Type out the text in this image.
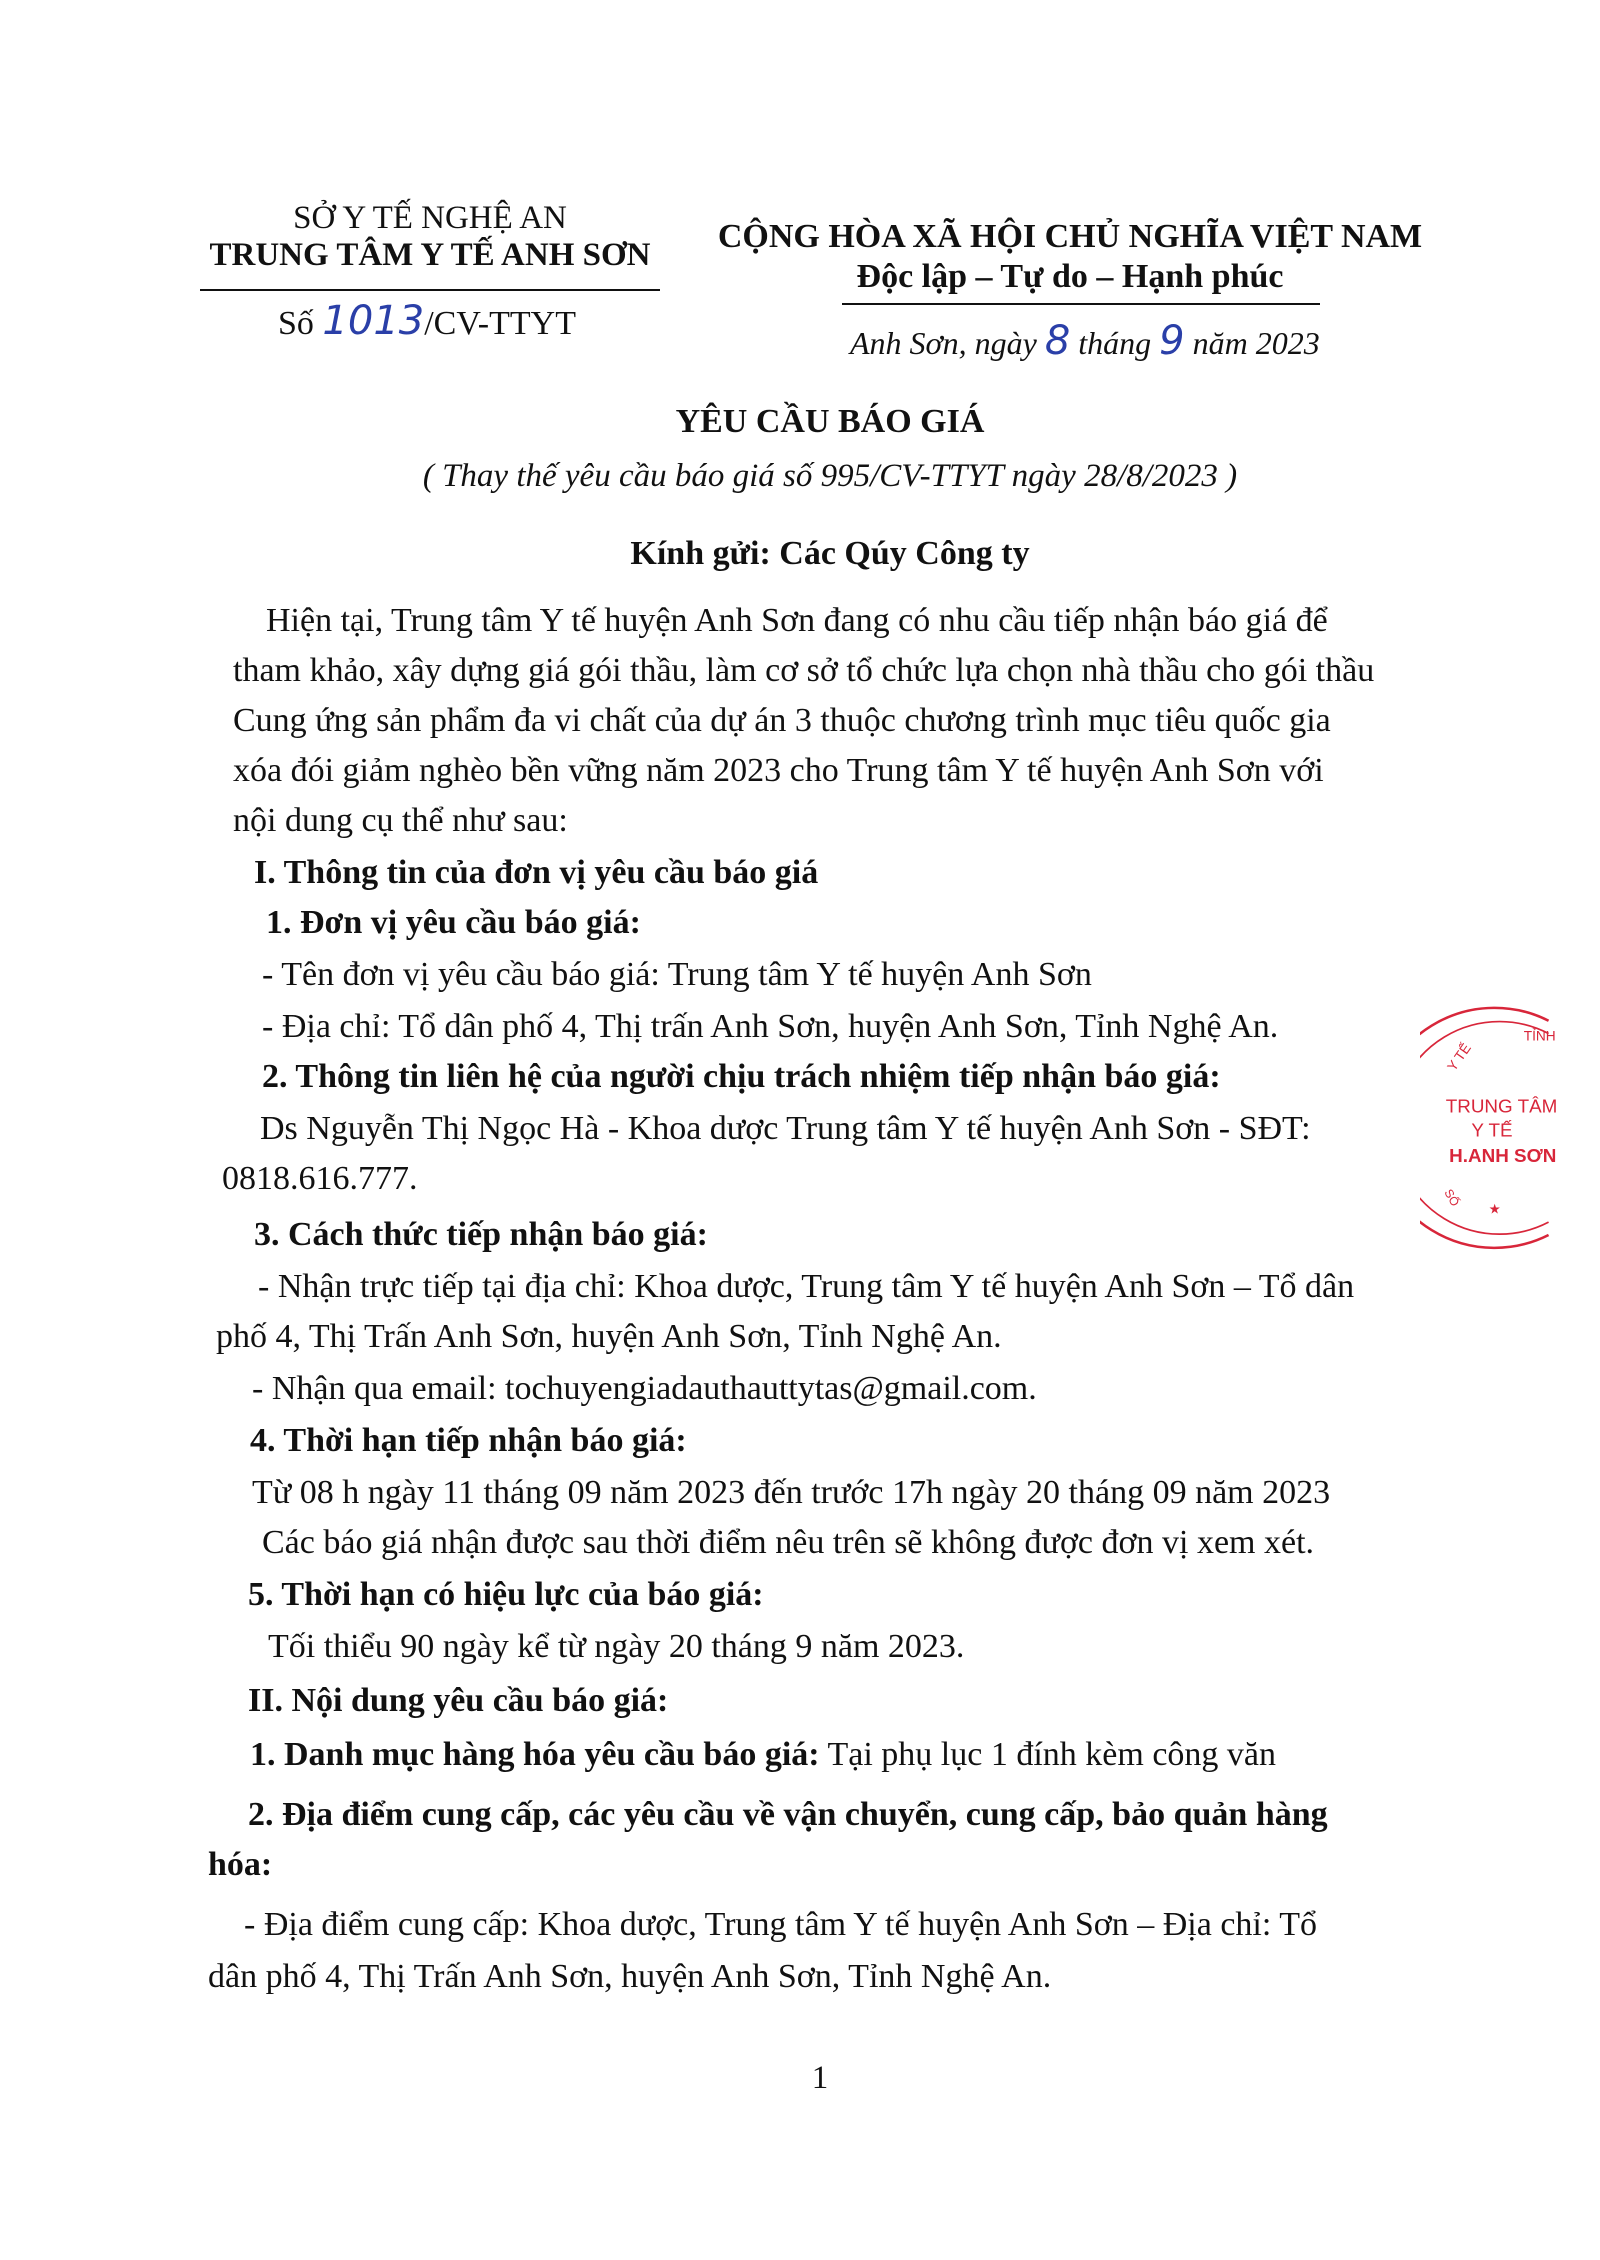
SỞ Y TẾ NGHỆ AN
TRUNG TÂM Y TẾ ANH SƠN
Số 1013/CV-TTYT
CỘNG HÒA XÃ HỘI CHỦ NGHĨA VIỆT NAM
Độc lập – Tự do – Hạnh phúc
Anh Sơn, ngày 8 tháng 9 năm 2023
YÊU CẦU BÁO GIÁ
( Thay thế yêu cầu báo giá số 995/CV-TTYT ngày 28/8/2023 )
Kính gửi: Các Qúy Công ty
Hiện tại, Trung tâm Y tế huyện Anh Sơn đang có nhu cầu tiếp nhận báo giá để
tham khảo, xây dựng giá gói thầu, làm cơ sở tổ chức lựa chọn nhà thầu cho gói thầu
Cung ứng sản phẩm đa vi chất của dự án 3 thuộc chương trình mục tiêu quốc gia
xóa đói giảm nghèo bền vững năm 2023 cho Trung tâm Y tế huyện Anh Sơn với
nội dung cụ thể như sau:
I. Thông tin của đơn vị yêu cầu báo giá
1. Đơn vị yêu cầu báo giá:
- Tên đơn vị yêu cầu báo giá: Trung tâm Y tế huyện Anh Sơn
- Địa chỉ: Tổ dân phố 4, Thị trấn Anh Sơn, huyện Anh Sơn, Tỉnh Nghệ An.
2. Thông tin liên hệ của người chịu trách nhiệm tiếp nhận báo giá:
Ds Nguyễn Thị Ngọc Hà - Khoa dược Trung tâm Y tế huyện Anh Sơn - SĐT:
0818.616.777.
3. Cách thức tiếp nhận báo giá:
- Nhận trực tiếp tại địa chỉ: Khoa dược, Trung tâm Y tế huyện Anh Sơn – Tổ dân
phố 4, Thị Trấn Anh Sơn, huyện Anh Sơn, Tỉnh Nghệ An.
- Nhận qua email: tochuyengiadauthauttytas@gmail.com.
4. Thời hạn tiếp nhận báo giá:
Từ 08 h ngày 11 tháng 09 năm 2023 đến trước 17h ngày 20 tháng 09 năm 2023
Các báo giá nhận được sau thời điểm nêu trên sẽ không được đơn vị xem xét.
5. Thời hạn có hiệu lực của báo giá:
Tối thiểu 90 ngày kể từ ngày 20 tháng 9 năm 2023.
II. Nội dung yêu cầu báo giá:
1. Danh mục hàng hóa yêu cầu báo giá: Tại phụ lục 1 đính kèm công văn
2. Địa điểm cung cấp, các yêu cầu về vận chuyển, cung cấp, bảo quản hàng
hóa:
- Địa điểm cung cấp: Khoa dược, Trung tâm Y tế huyện Anh Sơn – Địa chỉ: Tổ
dân phố 4, Thị Trấn Anh Sơn, huyện Anh Sơn, Tỉnh Nghệ An.
1
TỈNH
Y TẾ
TRUNG TÂM
Y TẾ
H.ANH SƠN
SỐ
★
